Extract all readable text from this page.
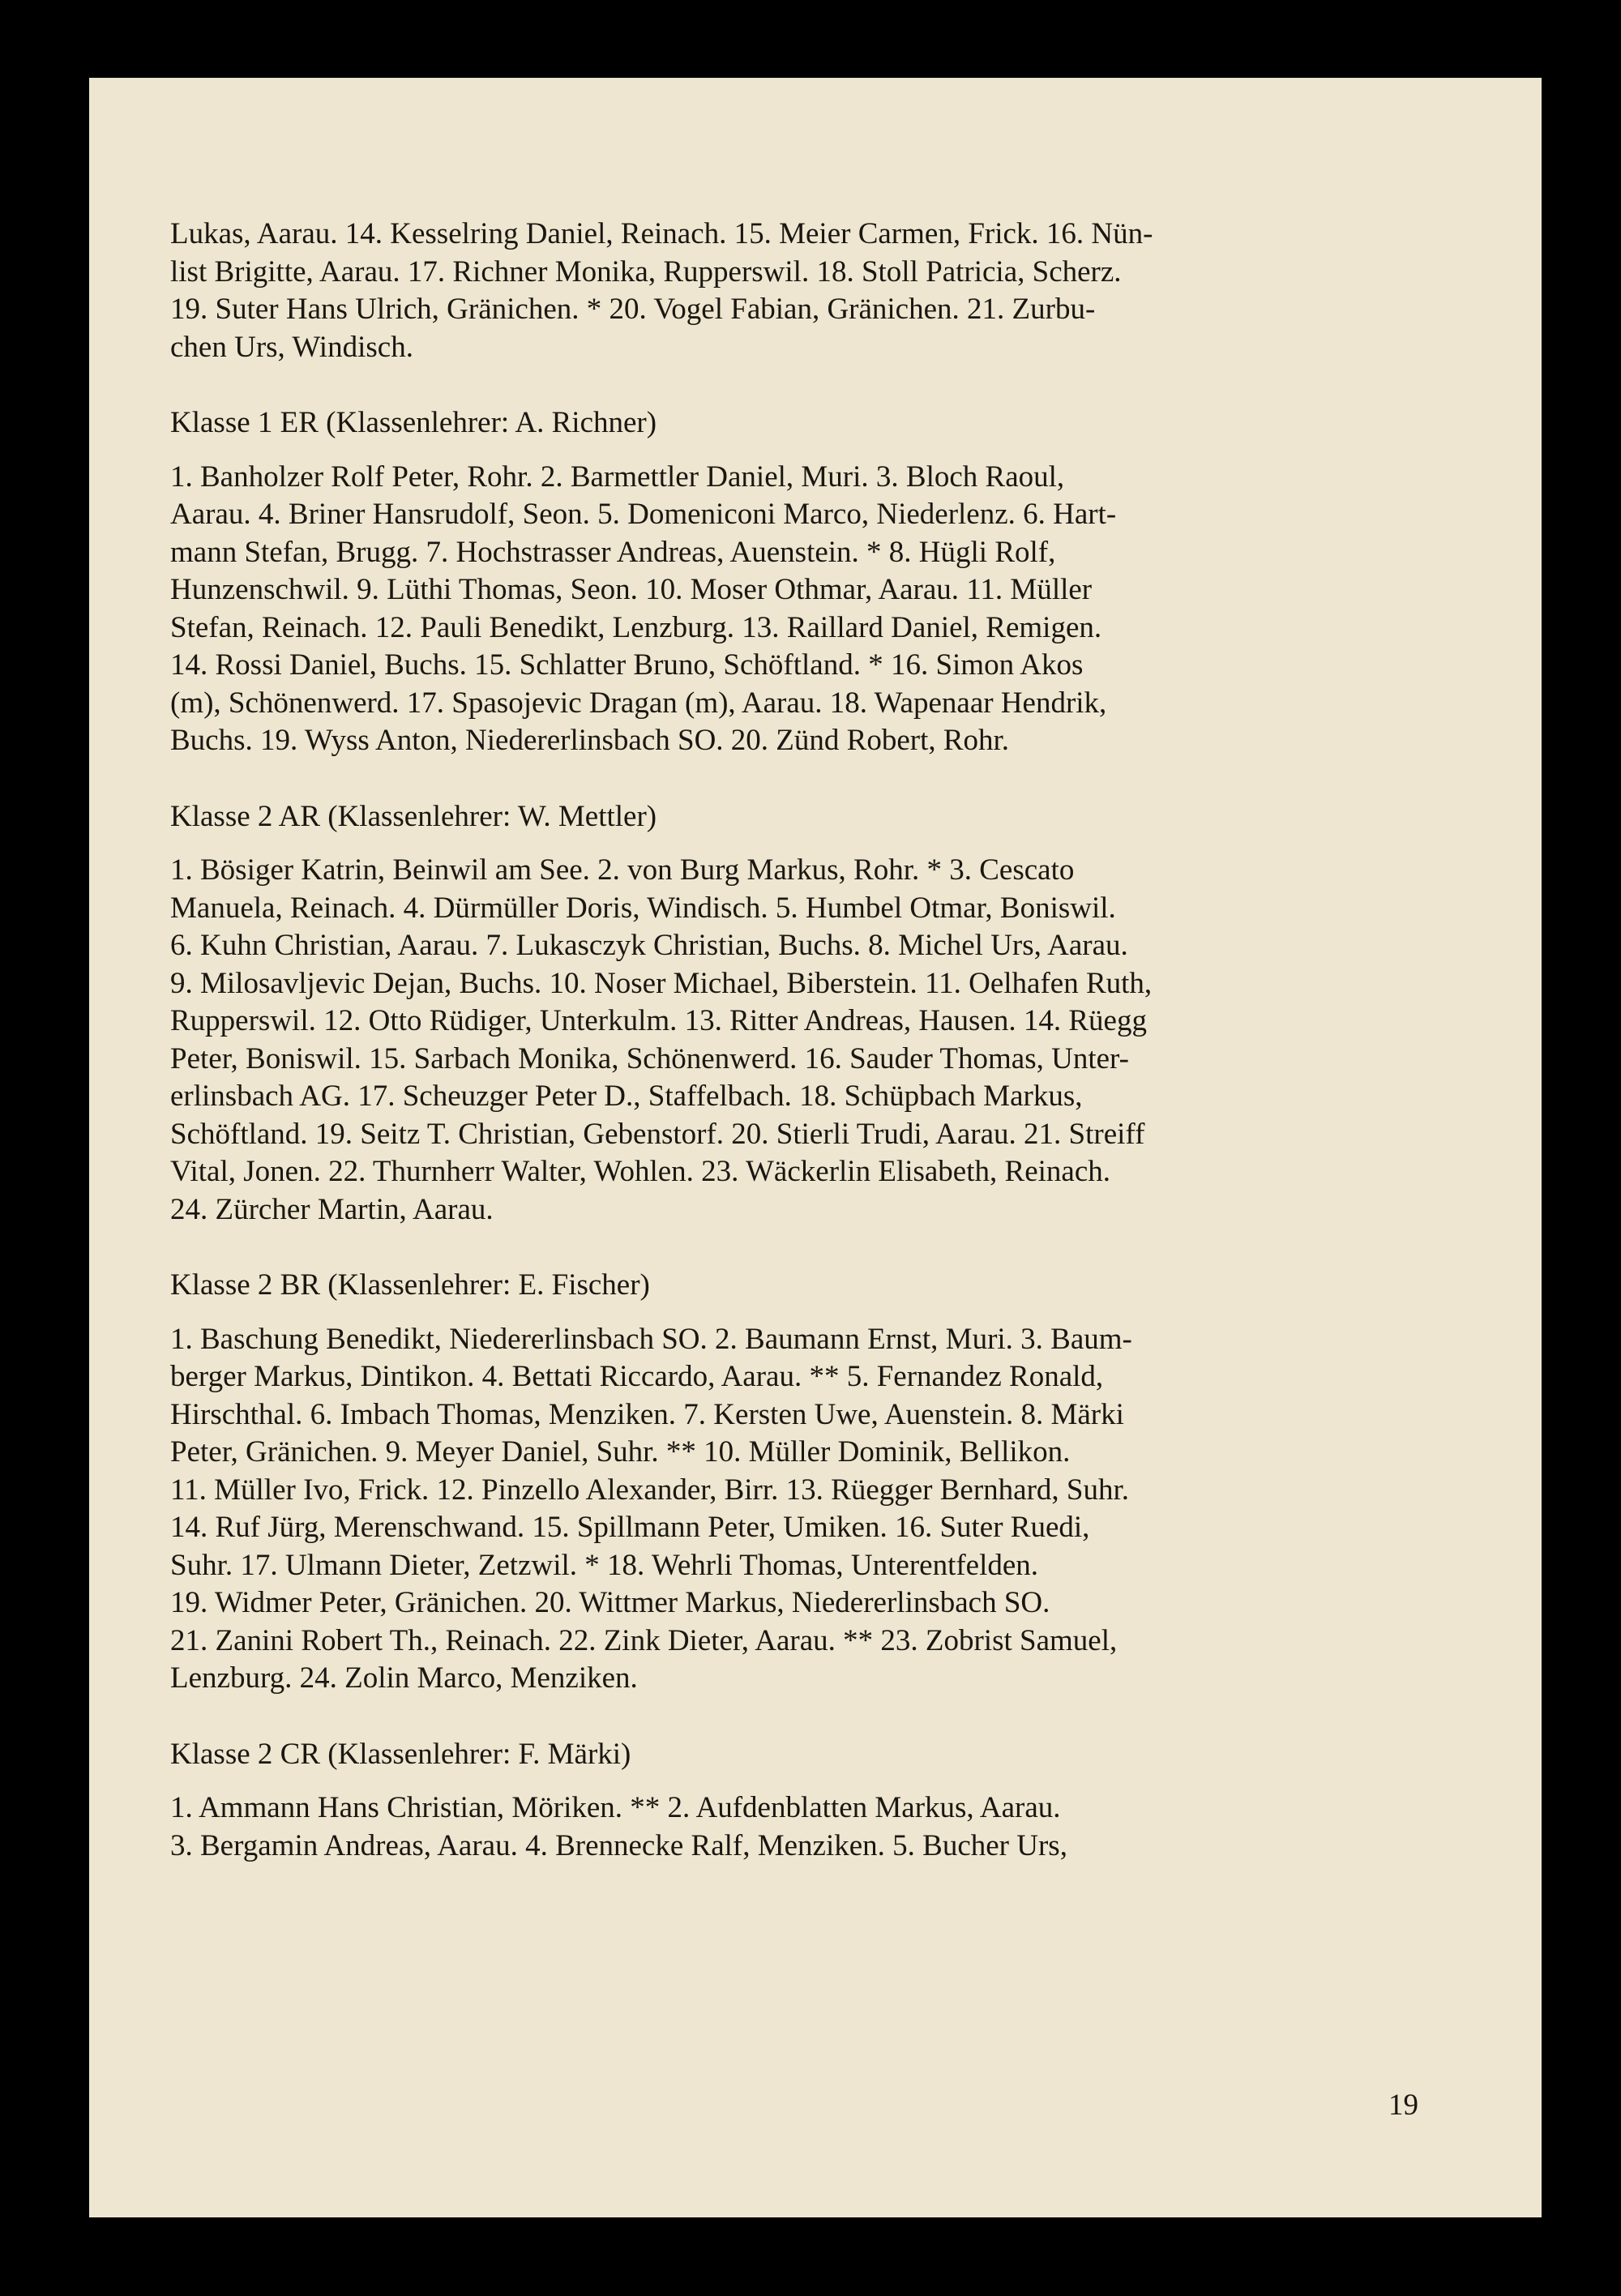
Lukas, Aarau. 14. Kesselring Daniel, Reinach. 15. Meier Carmen, Frick. 16. Nün-
list Brigitte, Aarau. 17. Richner Monika, Rupperswil. 18. Stoll Patricia, Scherz.
19. Suter Hans Ulrich, Gränichen. * 20. Vogel Fabian, Gränichen. 21. Zurbu-
chen Urs, Windisch.

Klasse 1 ER (Klassenlehrer: A. Richner)

1. Banholzer Rolf Peter, Rohr. 2. Barmettler Daniel, Muri. 3. Bloch Raoul,
Aarau. 4. Briner Hansrudolf, Seon. 5. Domeniconi Marco, Niederlenz. 6. Hart-
mann Stefan, Brugg. 7. Hochstrasser Andreas, Auenstein. * 8. Hügli Rolf,
Hunzenschwil. 9. Lüthi Thomas, Seon. 10. Moser Othmar, Aarau. 11. Müller
Stefan, Reinach. 12. Pauli Benedikt, Lenzburg. 13. Raillard Daniel, Remigen.
14. Rossi Daniel, Buchs. 15. Schlatter Bruno, Schöftland. * 16. Simon Akos
(m), Schönenwerd. 17. Spasojevic Dragan (m), Aarau. 18. Wapenaar Hendrik,
Buchs. 19. Wyss Anton, Niedererlinsbach SO. 20. Zünd Robert, Rohr.

Klasse 2 AR (Klassenlehrer: W. Mettler)

1. Bösiger Katrin, Beinwil am See. 2. von Burg Markus, Rohr. * 3. Cescato
Manuela, Reinach. 4. Dürmüller Doris, Windisch. 5. Humbel Otmar, Boniswil.
6. Kuhn Christian, Aarau. 7. Lukasczyk Christian, Buchs. 8. Michel Urs, Aarau.
9. Milosavljevic Dejan, Buchs. 10. Noser Michael, Biberstein. 11. Oelhafen Ruth,
Rupperswil. 12. Otto Rüdiger, Unterkulm. 13. Ritter Andreas, Hausen. 14. Rüegg
Peter, Boniswil. 15. Sarbach Monika, Schönenwerd. 16. Sauder Thomas, Unter-
erlinsbach AG. 17. Scheuzger Peter D., Staffelbach. 18. Schüpbach Markus,
Schöftland. 19. Seitz T. Christian, Gebenstorf. 20. Stierli Trudi, Aarau. 21. Streiff
Vital, Jonen. 22. Thurnherr Walter, Wohlen. 23. Wäckerlin Elisabeth, Reinach.
24. Zürcher Martin, Aarau.

Klasse 2 BR (Klassenlehrer: E. Fischer)

1. Baschung Benedikt, Niedererlinsbach SO. 2. Baumann Ernst, Muri. 3. Baum-
berger Markus, Dintikon. 4. Bettati Riccardo, Aarau. ** 5. Fernandez Ronald,
Hirschthal. 6. Imbach Thomas, Menziken. 7. Kersten Uwe, Auenstein. 8. Märki
Peter, Gränichen. 9. Meyer Daniel, Suhr. ** 10. Müller Dominik, Bellikon.
11. Müller Ivo, Frick. 12. Pinzello Alexander, Birr. 13. Rüegger Bernhard, Suhr.
14. Ruf Jürg, Merenschwand. 15. Spillmann Peter, Umiken. 16. Suter Ruedi,
Suhr. 17. Ulmann Dieter, Zetzwil. * 18. Wehrli Thomas, Unterentfelden.
19. Widmer Peter, Gränichen. 20. Wittmer Markus, Niedererlinsbach SO.
21. Zanini Robert Th., Reinach. 22. Zink Dieter, Aarau. ** 23. Zobrist Samuel,
Lenzburg. 24. Zolin Marco, Menziken.

Klasse 2 CR (Klassenlehrer: F. Märki)

1. Ammann Hans Christian, Möriken. ** 2. Aufdenblatten Markus, Aarau.
3. Bergamin Andreas, Aarau. 4. Brennecke Ralf, Menziken. 5. Bucher Urs,

19
